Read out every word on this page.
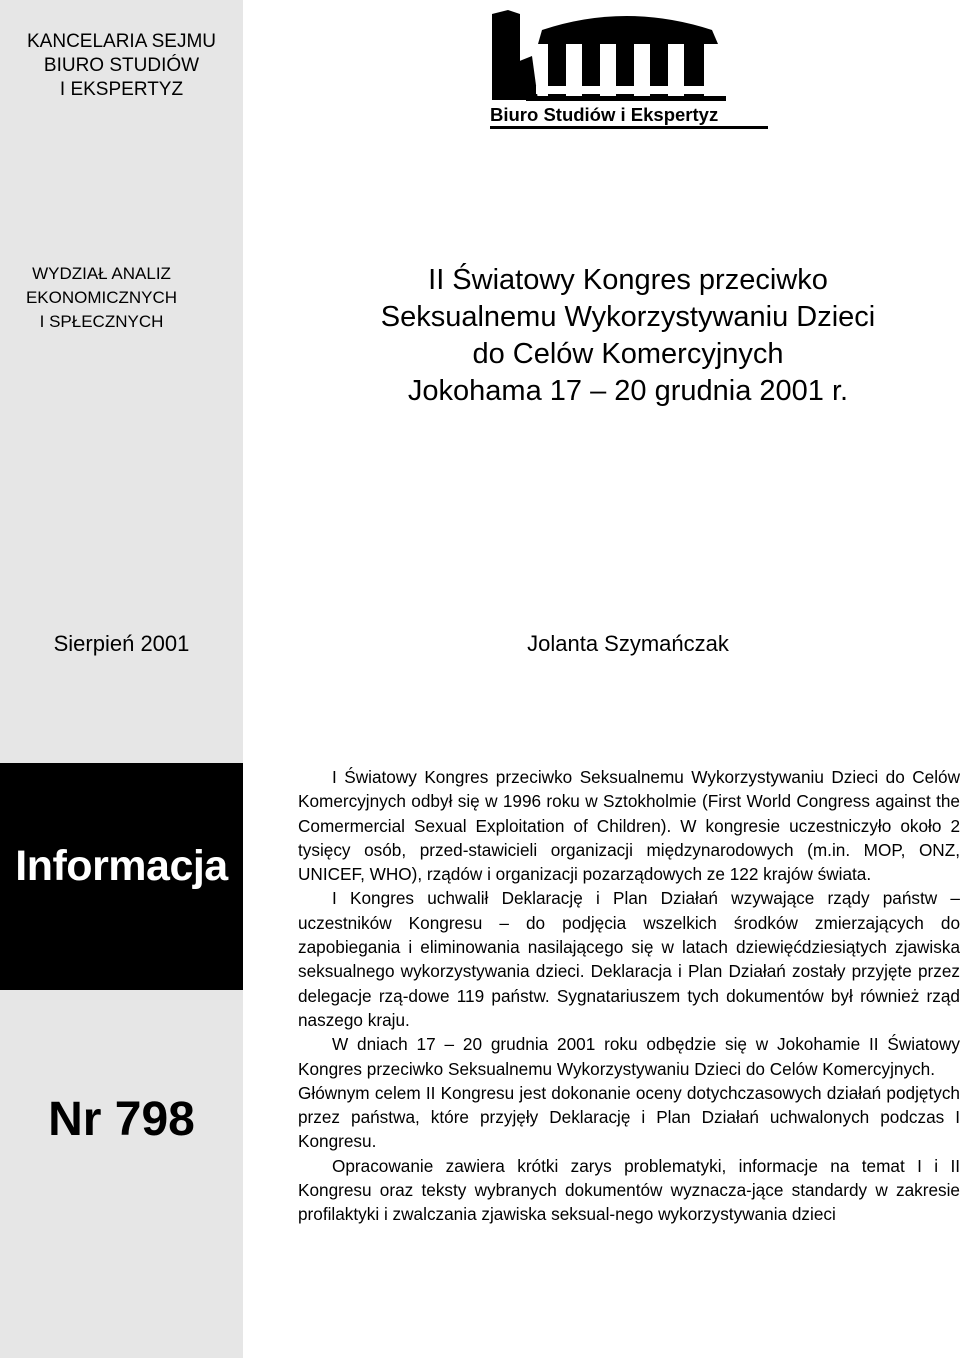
KANCELARIA SEJMU
BIURO STUDIÓW
I EKSPERTYZ
WYDZIAŁ ANALIZ
EKONOMICZNYCH
I SPŁECZNYCH
Sierpień 2001
Informacja
Nr 798
Biuro Studiów i Ekspertyz
II Światowy Kongres przeciwko
Seksualnemu Wykorzystywaniu Dzieci
do Celów Komercyjnych
Jokohama 17 – 20 grudnia 2001 r.
Jolanta Szymańczak

I Światowy Kongres przeciwko Seksualnemu Wykorzystywaniu Dzieci do Celów Komercyjnych odbył się w 1996 roku w Sztokholmie (First World Congress against the Comermercial Sexual Exploitation of Children). W kongresie uczestniczyło około 2 tysięcy osób, przed-stawicieli organizacji międzynarodowych (m.in. MOP, ONZ, UNICEF, WHO), rządów i organizacji pozarządowych ze 122 krajów świata.

I Kongres uchwalił Deklarację i Plan Działań wzywające rządy państw – uczestników Kongresu – do podjęcia wszelkich środków zmierzających do zapobiegania i eliminowania nasilającego się w latach dziewięćdziesiątych zjawiska seksualnego wykorzystywania dzieci. Deklaracja i Plan Działań zostały przyjęte przez delegacje rzą-dowe 119 państw. Sygnatariuszem tych dokumentów był również rząd naszego kraju.

W dniach 17 – 20 grudnia 2001 roku odbędzie się w Jokohamie II Światowy Kongres przeciwko Seksualnemu Wykorzystywaniu Dzieci do Celów Komercyjnych.

Głównym celem II Kongresu jest dokonanie oceny dotychczasowych działań podjętych przez państwa, które przyjęły Deklarację i Plan Działań uchwalonych podczas I Kongresu.

Opracowanie zawiera krótki zarys problematyki, informacje na temat I i II Kongresu oraz teksty wybranych dokumentów wyznacza-jące standardy w zakresie profilaktyki i zwalczania zjawiska seksual-nego wykorzystywania dzieci
